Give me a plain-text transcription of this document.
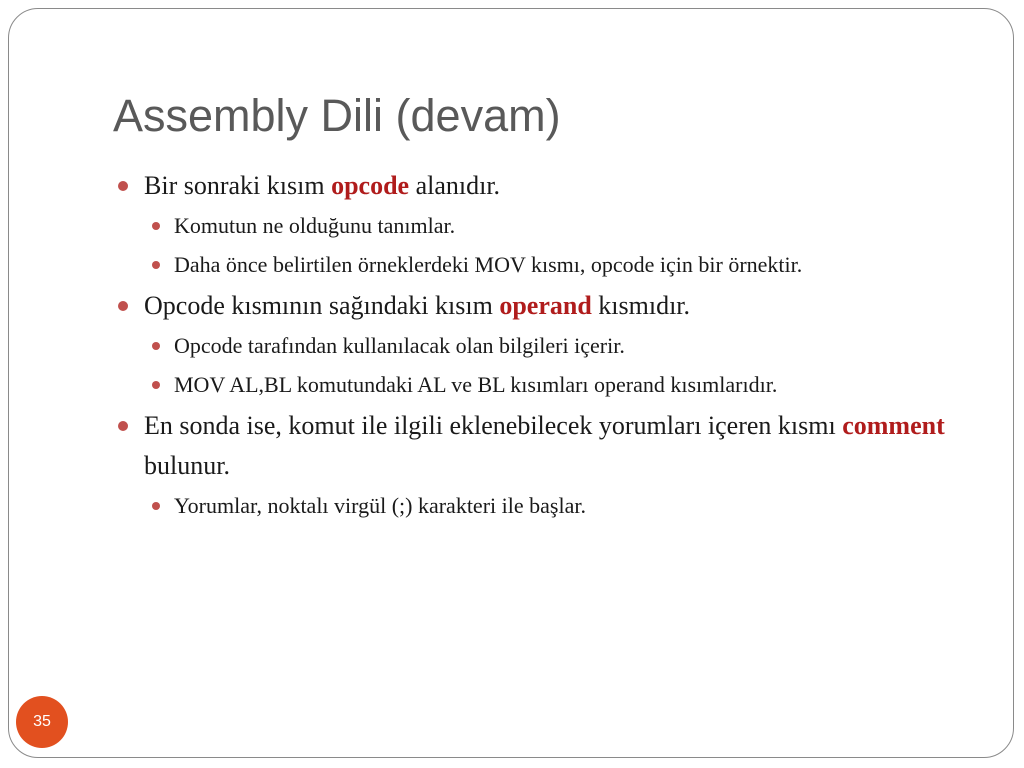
Assembly Dili (devam)
Bir sonraki kısım opcode alanıdır.
Komutun ne olduğunu tanımlar.
Daha önce belirtilen örneklerdeki MOV kısmı, opcode için bir örnektir.
Opcode kısmının sağındaki kısım operand kısmıdır.
Opcode tarafından kullanılacak olan bilgileri içerir.
MOV AL,BL komutundaki AL ve BL kısımları operand kısımlarıdır.
En sonda ise, komut ile ilgili eklenebilecek yorumları içeren kısmı comment bulunur.
Yorumlar, noktalı virgül (;) karakteri ile başlar.
35
